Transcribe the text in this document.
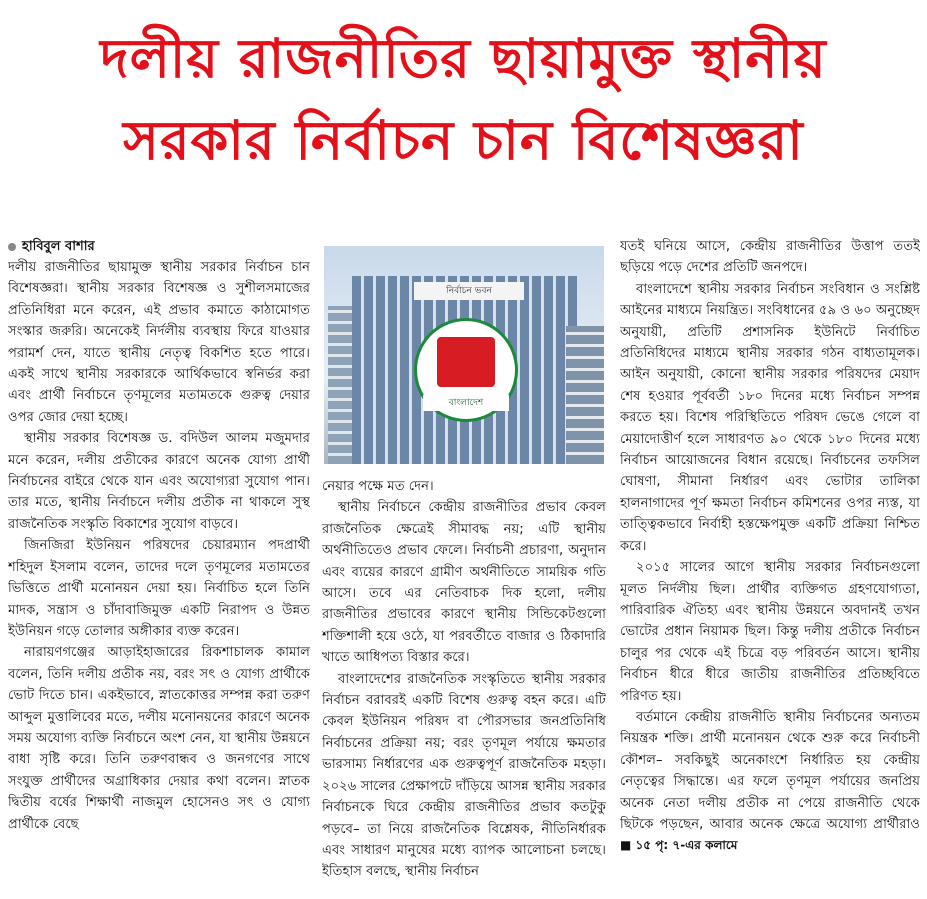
দলীয় রাজনীতির ছায়ামুক্ত স্থানীয়
সরকার নির্বাচন চান বিশেষজ্ঞরা
হাবিবুল বাশার

দলীয় রাজনীতির ছায়ামুক্ত স্থানীয় সরকার নির্বাচন চান বিশেষজ্ঞরা। স্থানীয় সরকার বিশেষজ্ঞ ও সুশীলসমাজের প্রতিনিধিরা মনে করেন, এই প্রভাব কমাতে কাঠামোগত সংস্কার জরুরি। অনেকেই নির্দলীয় ব্যবস্থায় ফিরে যাওয়ার পরামর্শ দেন, যাতে স্থানীয় নেতৃত্ব বিকশিত হতে পারে। একই সাথে স্থানীয় সরকারকে আর্থিকভাবে স্বনির্ভর করা এবং প্রার্থী নির্বাচনে তৃণমূলের মতামতকে গুরুত্ব দেয়ার ওপর জোর দেয়া হচ্ছে।

স্থানীয় সরকার বিশেষজ্ঞ ড. বদিউল আলম মজুমদার মনে করেন, দলীয় প্রতীকের কারণে অনেক যোগ্য প্রার্থী নির্বাচনের বাইরে থেকে যান এবং অযোগ্যরা সুযোগ পান। তার মতে, স্থানীয় নির্বাচনে দলীয় প্রতীক না থাকলে সুস্থ রাজনৈতিক সংস্কৃতি বিকাশের সুযোগ বাড়বে।

জিনজিরা ইউনিয়ন পরিষদের চেয়ারম্যান পদপ্রার্থী শহিদুল ইসলাম বলেন, তাদের দলে তৃণমূলের মতামতের ভিত্তিতে প্রার্থী মনোনয়ন দেয়া হয়। নির্বাচিত হলে তিনি মাদক, সন্ত্রাস ও চাঁদাবাজিমুক্ত একটি নিরাপদ ও উন্নত ইউনিয়ন গড়ে তোলার অঙ্গীকার ব্যক্ত করেন।

নারায়ণগঞ্জের আড়াইহাজারের রিকশাচালক কামাল বলেন, তিনি দলীয় প্রতীক নয়, বরং সৎ ও যোগ্য প্রার্থীকে ভোট দিতে চান। একইভাবে, স্নাতকোত্তর সম্পন্ন করা তরুণ আব্দুল মুত্তালিবের মতে, দলীয় মনোনয়নের কারণে অনেক সময় অযোগ্য ব্যক্তি নির্বাচনে অংশ নেন, যা স্থানীয় উন্নয়নে বাধা সৃষ্টি করে। তিনি তরুণবান্ধব ও জনগণের সাথে সংযুক্ত প্রার্থীদের অগ্রাধিকার দেয়ার কথা বলেন। স্নাতক দ্বিতীয় বর্ষের শিক্ষার্থী নাজমুল হোসেনও সৎ ও যোগ্য প্রার্থীকে বেছে

নির্বাচন ভবন
বাংলাদেশ

নেয়ার পক্ষে মত দেন।

স্থানীয় নির্বাচনে কেন্দ্রীয় রাজনীতির প্রভাব কেবল রাজনৈতিক ক্ষেত্রেই সীমাবদ্ধ নয়; এটি স্থানীয় অর্থনীতিতেও প্রভাব ফেলে। নির্বাচনী প্রচারণা, অনুদান এবং ব্যয়ের কারণে গ্রামীণ অর্থনীতিতে সাময়িক গতি আসে। তবে এর নেতিবাচক দিক হলো, দলীয় রাজনীতির প্রভাবের কারণে স্থানীয় সিন্ডিকেটগুলো শক্তিশালী হয়ে ওঠে, যা পরবর্তীতে বাজার ও ঠিকাদারি খাতে আধিপত্য বিস্তার করে।

বাংলাদেশের রাজনৈতিক সংস্কৃতিতে স্থানীয় সরকার নির্বাচন বরাবরই একটি বিশেষ গুরুত্ব বহন করে। এটি কেবল ইউনিয়ন পরিষদ বা পৌরসভার জনপ্রতিনিধি নির্বাচনের প্রক্রিয়া নয়; বরং তৃণমূল পর্যায়ে ক্ষমতার ভারসাম্য নির্ধারণের এক গুরুত্বপূর্ণ রাজনৈতিক মহড়া। ২০২৬ সালের প্রেক্ষাপটে দাঁড়িয়ে আসন্ন স্থানীয় সরকার নির্বাচনকে ঘিরে কেন্দ্রীয় রাজনীতির প্রভাব কতটুকু পড়বে– তা নিয়ে রাজনৈতিক বিশ্লেষক, নীতিনির্ধারক এবং সাধারণ মানুষের মধ্যে ব্যাপক আলোচনা চলছে। ইতিহাস বলছে, স্থানীয় নির্বাচন

যতই ঘনিয়ে আসে, কেন্দ্রীয় রাজনীতির উত্তাপ ততই ছড়িয়ে পড়ে দেশের প্রতিটি জনপদে।

বাংলাদেশে স্থানীয় সরকার নির্বাচন সংবিধান ও সংশ্লিষ্ট আইনের মাধ্যমে নিয়ন্ত্রিত। সংবিধানের ৫৯ ও ৬০ অনুচ্ছেদ অনুযায়ী, প্রতিটি প্রশাসনিক ইউনিটে নির্বাচিত প্রতিনিধিদের মাধ্যমে স্থানীয় সরকার গঠন বাধ্যতামূলক। আইন অনুযায়ী, কোনো স্থানীয় সরকার পরিষদের মেয়াদ শেষ হওয়ার পূর্ববর্তী ১৮০ দিনের মধ্যে নির্বাচন সম্পন্ন করতে হয়। বিশেষ পরিস্থিতিতে পরিষদ ভেঙে গেলে বা মেয়াদোত্তীর্ণ হলে সাধারণত ৯০ থেকে ১৮০ দিনের মধ্যে নির্বাচন আয়োজনের বিধান রয়েছে। নির্বাচনের তফসিল ঘোষণা, সীমানা নির্ধারণ এবং ভোটার তালিকা হালনাগাদের পূর্ণ ক্ষমতা নির্বাচন কমিশনের ওপর ন্যস্ত, যা তাত্ত্বিকভাবে নির্বাহী হস্তক্ষেপমুক্ত একটি প্রক্রিয়া নিশ্চিত করে।

২০১৫ সালের আগে স্থানীয় সরকার নির্বাচনগুলো মূলত নির্দলীয় ছিল। প্রার্থীর ব্যক্তিগত গ্রহণযোগ্যতা, পারিবারিক ঐতিহ্য এবং স্থানীয় উন্নয়নে অবদানই তখন ভোটের প্রধান নিয়ামক ছিল। কিন্তু দলীয় প্রতীকে নির্বাচন চালুর পর থেকে এই চিত্রে বড় পরিবর্তন আসে। স্থানীয় নির্বাচন ধীরে ধীরে জাতীয় রাজনীতির প্রতিচ্ছবিতে পরিণত হয়।

বর্তমানে কেন্দ্রীয় রাজনীতি স্থানীয় নির্বাচনের অন্যতম নিয়ন্ত্রক শক্তি। প্রার্থী মনোনয়ন থেকে শুরু করে নির্বাচনী কৌশল– সবকিছুই অনেকাংশে নির্ধারিত হয় কেন্দ্রীয় নেতৃত্বের সিদ্ধান্তে। এর ফলে তৃণমূল পর্যায়ের জনপ্রিয় অনেক নেতা দলীয় প্রতীক না পেয়ে রাজনীতি থেকে ছিটকে পড়ছেন, আবার অনেক ক্ষেত্রে অযোগ্য প্রার্থীরাও ■ ১৫ পৃ: ৭-এর কলামে
